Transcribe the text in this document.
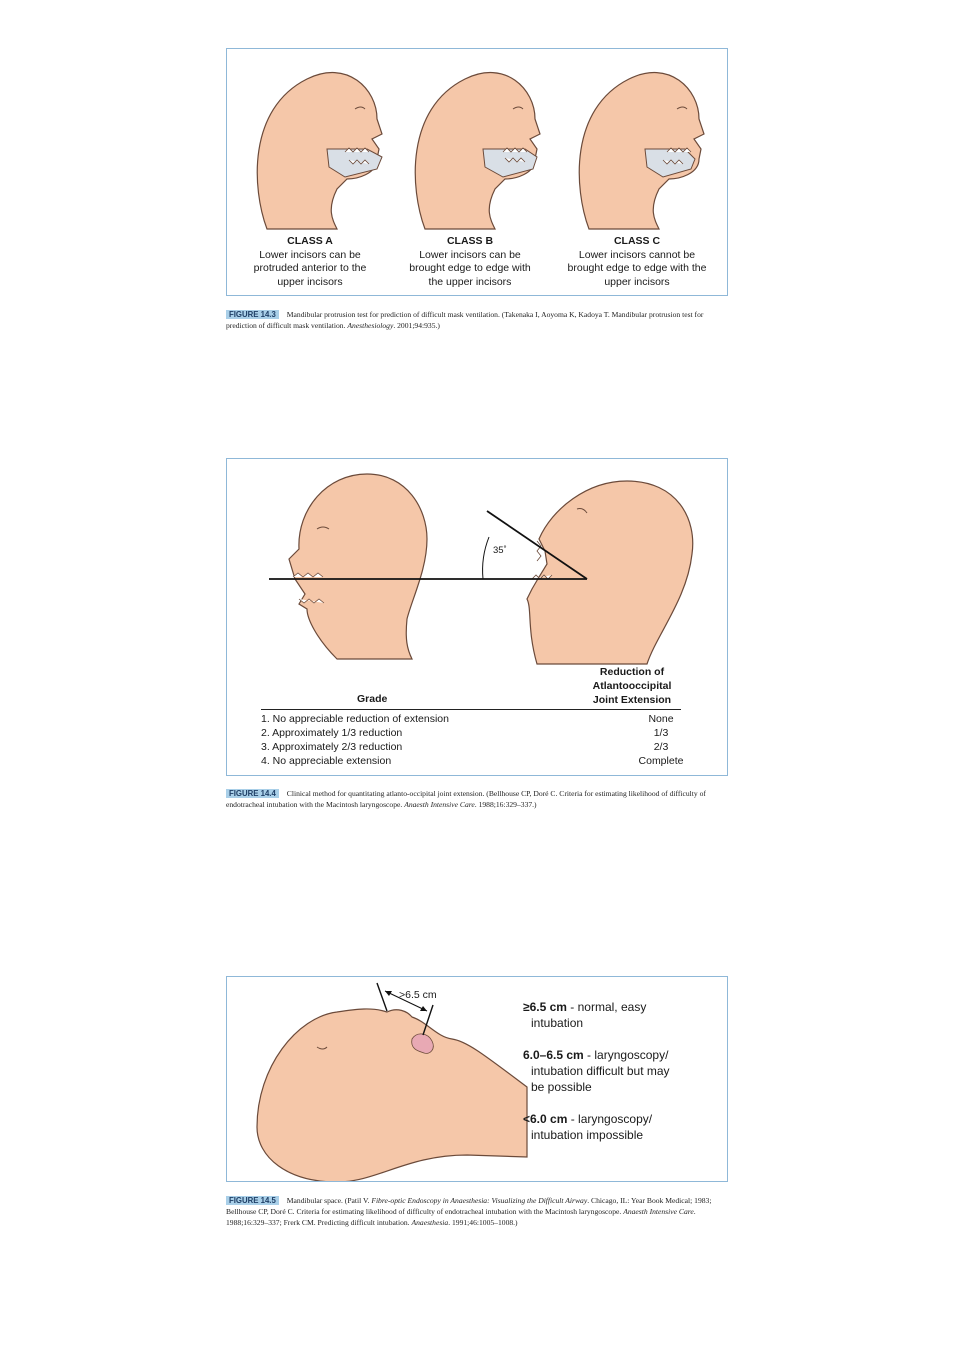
CLASS A
Lower incisors can be
protruded anterior to the
upper incisors
CLASS B
Lower incisors can be
brought edge to edge with
the upper incisors
CLASS C
Lower incisors cannot be
brought edge to edge with the
upper incisors
FIGURE 14.3 Mandibular protrusion test for prediction of difficult mask ventilation. (Takenaka I, Aoyoma K, Kadoya T. Mandibular protrusion test for prediction of difficult mask ventilation. Anesthesiology. 2001;94:935.)
35˚
Grade
Reduction of
Atlantooccipital
Joint Extension
1. No appreciable reduction of extension	None
2. Approximately 1/3 reduction	1/3
3. Approximately 2/3 reduction	2/3
4. No appreciable extension	Complete
FIGURE 14.4 Clinical method for quantitating atlanto-occipital joint extension. (Bellhouse CP, Doré C. Criteria for estimating likelihood of difficulty of endotracheal intubation with the Macintosh laryngoscope. Anaesth Intensive Care. 1988;16:329–337.)
>6.5 cm
≥6.5 cm - normal, easy
intubation
6.0–6.5 cm - laryngoscopy/
intubation difficult but may
be possible
<6.0 cm - laryngoscopy/
intubation impossible
FIGURE 14.5 Mandibular space. (Patil V. Fibre-optic Endoscopy in Anaesthesia: Visualizing the Difficult Airway. Chicago, IL: Year Book Medical; 1983; Bellhouse CP, Doré C. Criteria for estimating likelihood of difficulty of endotracheal intubation with the Macintosh laryngoscope. Anaesth Intensive Care. 1988;16:329–337; Frerk CM. Predicting difficult intubation. Anaesthesia. 1991;46:1005–1008.)
